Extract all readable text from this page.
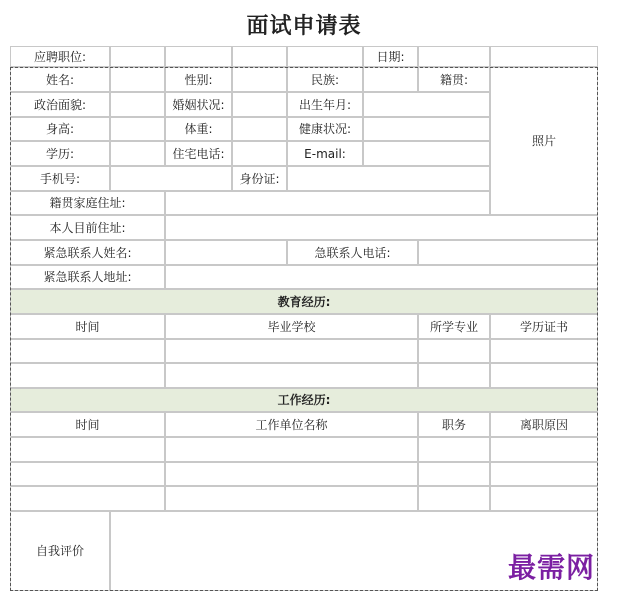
面试申请表
应聘职位:	日期:
姓名:	性别:	民族:	籍贯:
照片
政治面貌:	婚姻状况:	出生年月:
身高:	体重:	健康状况:
学历:	住宅电话:	E-mail:
手机号:	身份证:
籍贯家庭住址:
本人目前住址:
紧急联系人姓名:	急联系人电话:
紧急联系人地址:
教育经历:
时间	毕业学校	所学专业	学历证书
工作经历:
时间	工作单位名称	职务	离职原因
自我评价	最需网
